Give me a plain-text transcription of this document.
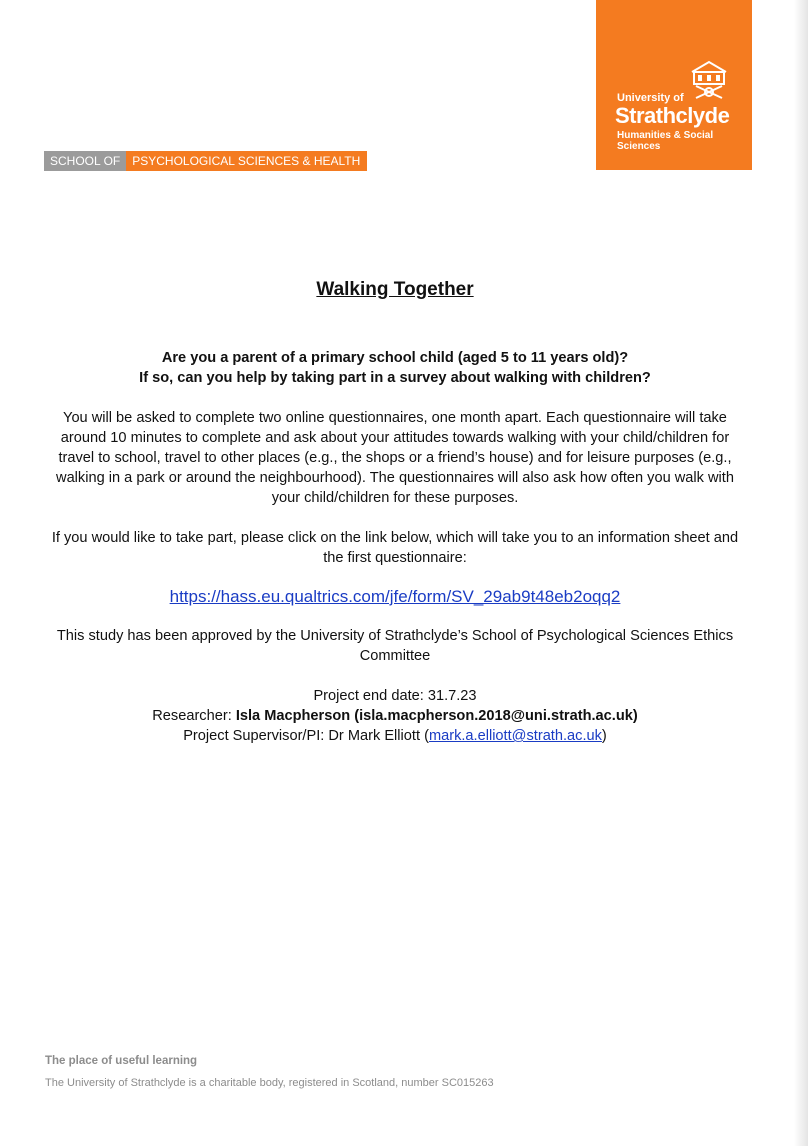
University of
Strathclyde
Humanities & Social Sciences
SCHOOL OF	PSYCHOLOGICAL SCIENCES & HEALTH
Walking Together
Are you a parent of a primary school child (aged 5 to 11 years old)?
If so, can you help by taking part in a survey about walking with children?
You will be asked to complete two online questionnaires, one month apart. Each questionnaire will take around 10 minutes to complete and ask about your attitudes towards walking with your child/children for travel to school, travel to other places (e.g., the shops or a friend’s house) and for leisure purposes (e.g., walking in a park or around the neighbourhood). The questionnaires will also ask how often you walk with your child/children for these purposes.
If you would like to take part, please click on the link below, which will take you to an information sheet and the first questionnaire:
https://hass.eu.qualtrics.com/jfe/form/SV_29ab9t48eb2oqq2
This study has been approved by the University of Strathclyde’s School of Psychological Sciences Ethics Committee
Project end date: 31.7.23
Researcher: Isla Macpherson (isla.macpherson.2018@uni.strath.ac.uk)
Project Supervisor/PI: Dr Mark Elliott (mark.a.elliott@strath.ac.uk)
The place of useful learning
The University of Strathclyde is a charitable body, registered in Scotland, number SC015263
